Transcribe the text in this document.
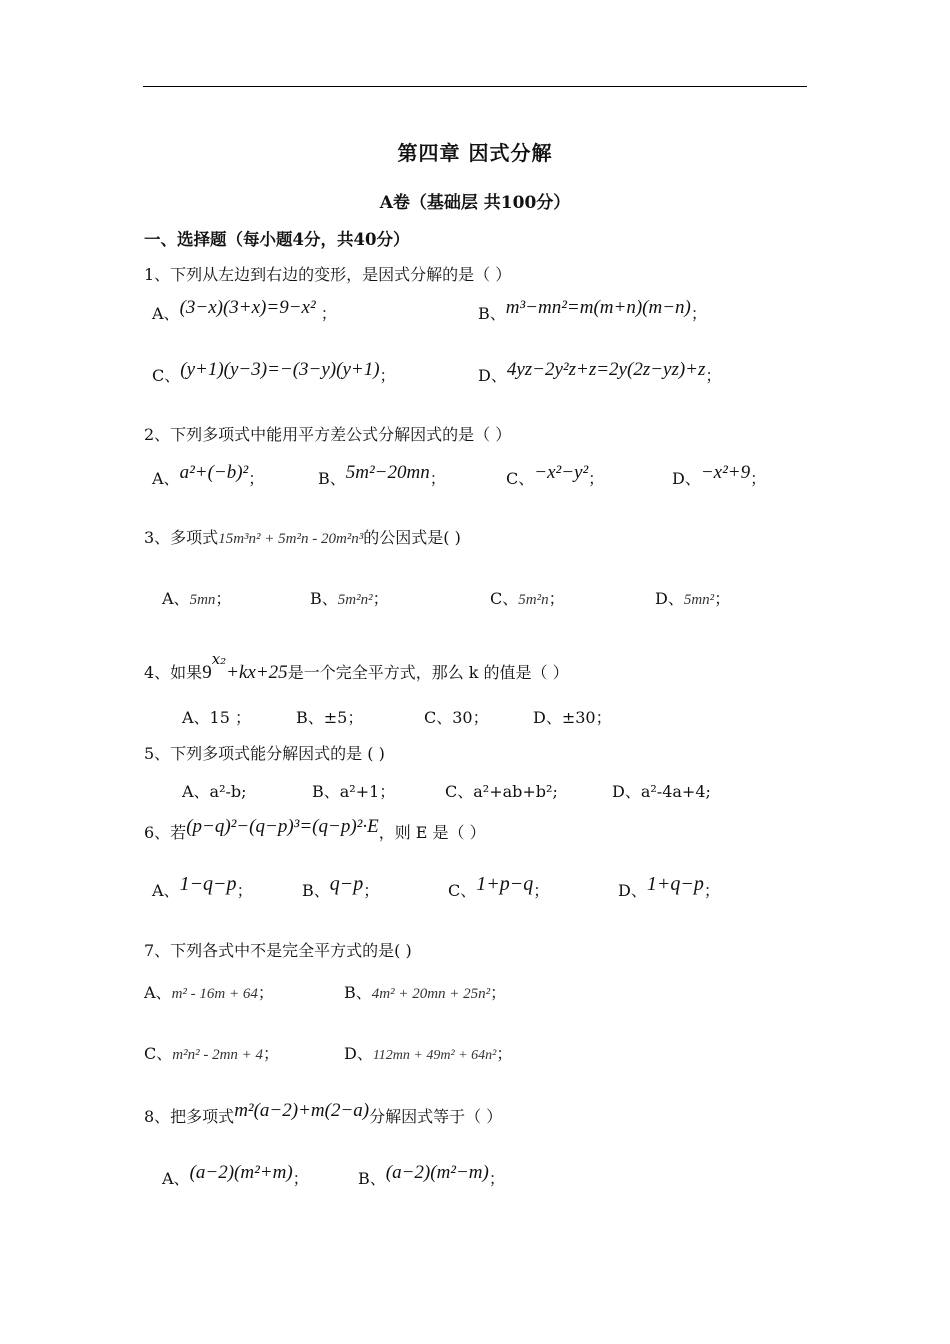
第四章 因式分解
A卷（基础层 共100分）
一、选择题（每小题4分，共40分）
1、下列从左边到右边的变形，是因式分解的是（ ）
A、(3−x)(3+x)=9−x² ；	B、m³−mn²=m(m+n)(m−n)；
C、(y+1)(y−3)=−(3−y)(y+1)；	D、4yz−2y²z+z=2y(2z−yz)+z；
2、下列多项式中能用平方差公式分解因式的是（ ）
A、a²+(−b)²；	B、5m²−20mn；	C、−x²−y²；	D、−x²+9；
3、多项式15m³n² + 5m²n - 20m²n³的公因式是( )
A、5mn；	B、5m²n²；	C、5m²n；	D、5mn²；
4、如果9x₂+kx+25是一个完全平方式，那么 k 的值是（ ）
A、15 ；	B、±5；	C、30；	D、±30；
5、下列多项式能分解因式的是 ( )
A、a²-b;	B、a²+1；	C、a²+ab+b²;	D、a²-4a+4;
6、若(p−q)²−(q−p)³=(q−p)²·E，则 E 是（ ）
A、1−q−p；	B、q−p；	C、1+p−q；	D、1+q−p；
7、下列各式中不是完全平方式的是( )
A、m² - 16m + 64；	B、4m² + 20mn + 25n²；
C、m²n² - 2mn + 4；	D、112mn + 49m² + 64n²；
8、把多项式m²(a−2)+m(2−a)分解因式等于（ ）
A、(a−2)(m²+m)；	B、(a−2)(m²−m)；
